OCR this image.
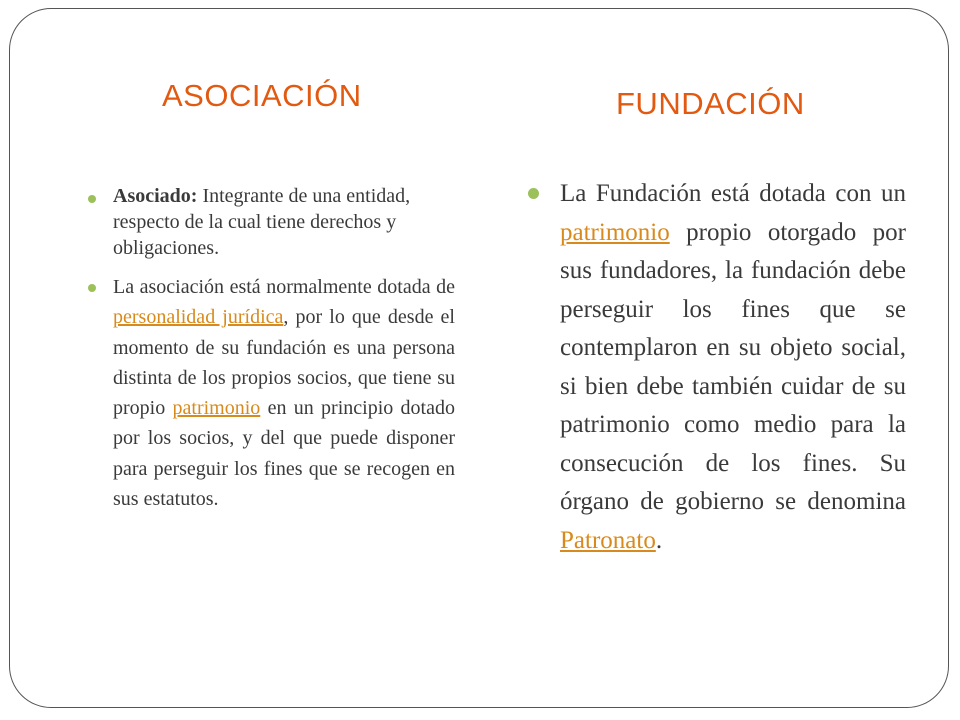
ASOCIACIÓN	FUNDACIÓN

Asociado: Integrante de una entidad, respecto de la cual tiene derechos y obligaciones.

La asociación está normalmente dotada de personalidad jurídica, por lo que desde el momento de su fundación es una persona distinta de los propios socios, que tiene su propio patrimonio en un principio dotado por los socios, y del que puede disponer para perseguir los fines que se recogen en sus estatutos.

La Fundación está dotada con un patrimonio propio otorgado por sus fundadores, la fundación debe perseguir los fines que se contemplaron en su objeto social, si bien debe también cuidar de su patrimonio como medio para la consecución de los fines. Su órgano de gobierno se denomina Patronato.
